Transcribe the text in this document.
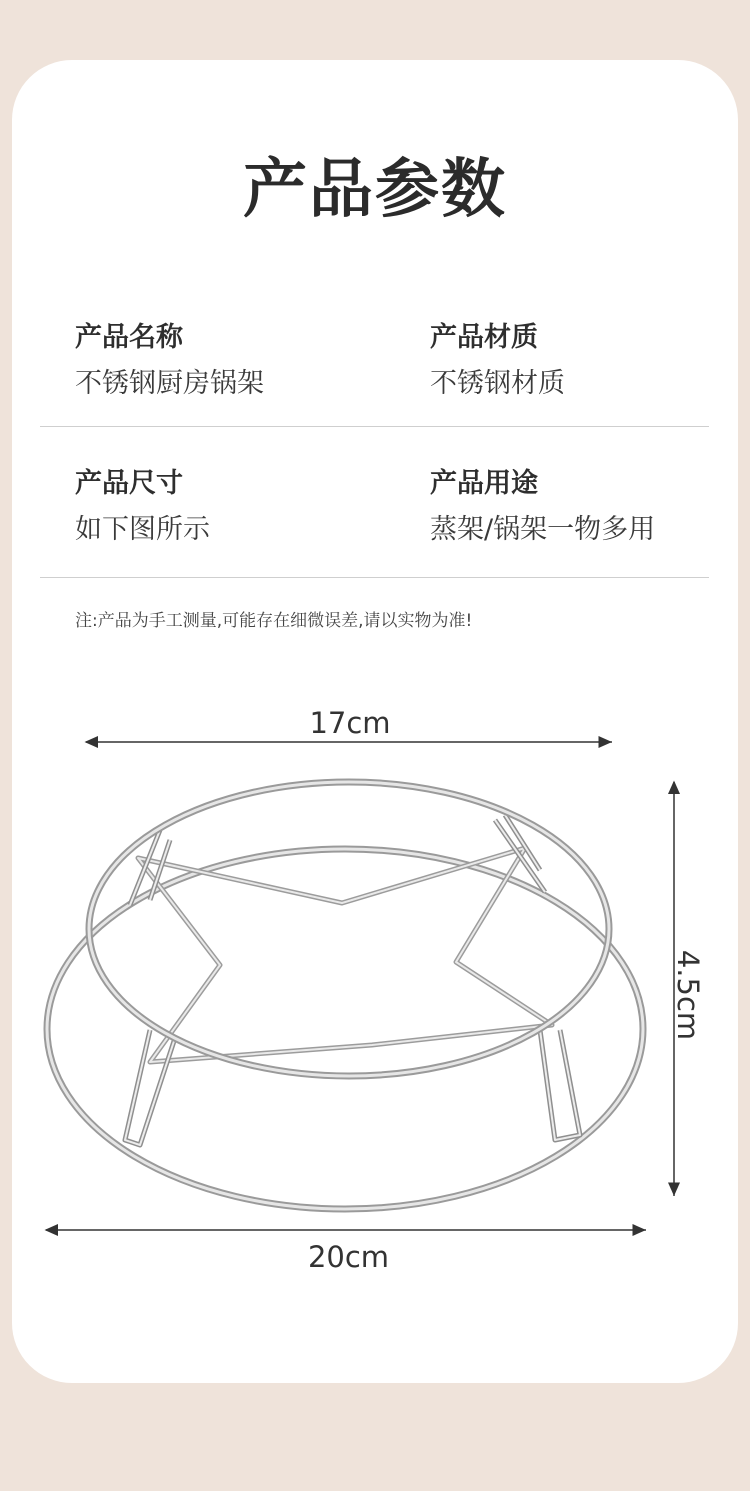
产品参数
产品名称
不锈钢厨房锅架
产品材质
不锈钢材质
产品尺寸
如下图所示
产品用途
蒸架/锅架一物多用
注:产品为手工测量,可能存在细微误差,请以实物为准!
17cm
20cm
4.5cm
